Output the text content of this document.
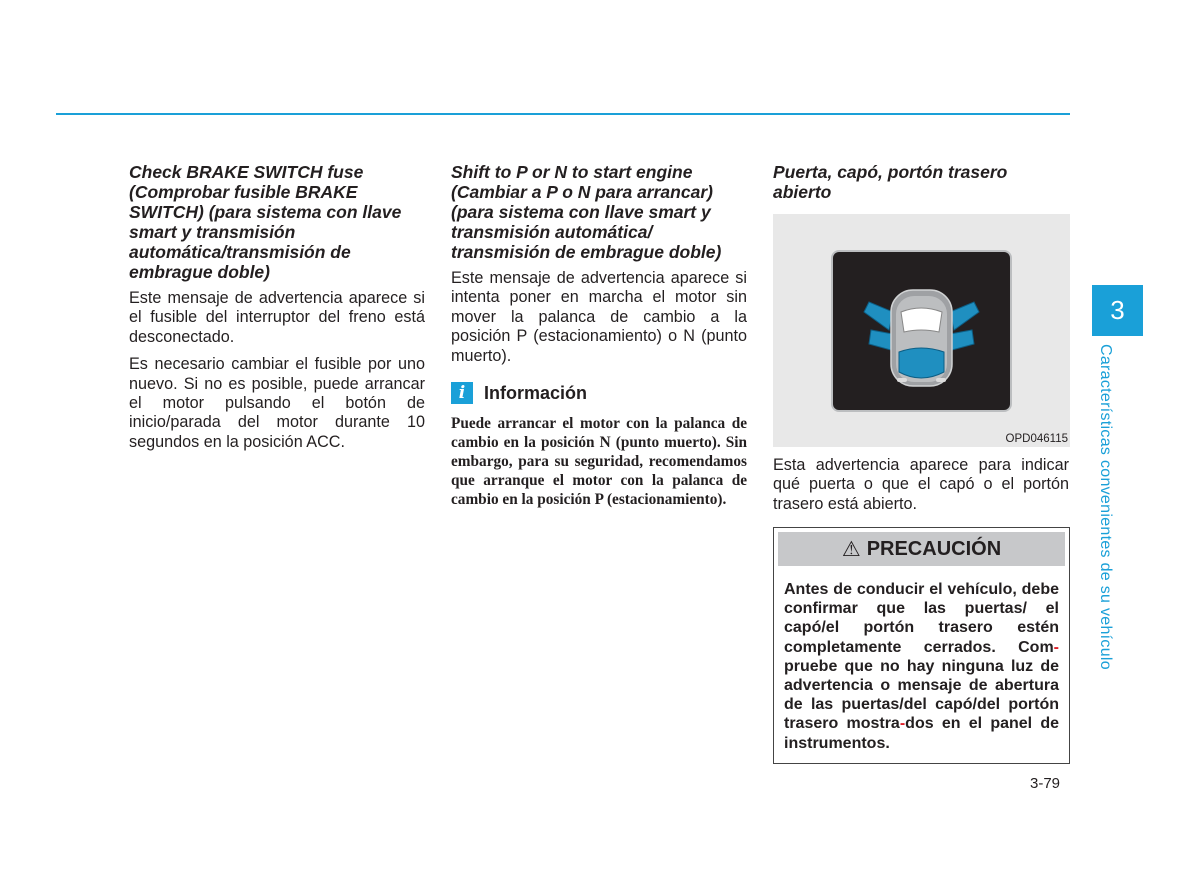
Check BRAKE SWITCH fuse (Comprobar fusible BRAKE SWITCH) (para sistema con llave smart y transmisión automática/transmisión de embrague doble)

Este mensaje de advertencia aparece si el fusible del interruptor del freno está desconectado.

Es necesario cambiar el fusible por uno nuevo. Si no es posible, puede arrancar el motor pulsando el botón de inicio/parada del motor durante 10 segundos en la posición ACC.

Shift to P or N to start engine (Cambiar a P o N para arrancar) (para sistema con llave smart y transmisión automática/ transmisión de embrague doble)

Este mensaje de advertencia aparece si intenta poner en marcha el motor sin mover la palanca de cambio a la posición P (estacionamiento) o N (punto muerto).

i	Información
Puede arrancar el motor con la palanca de cambio en la posición N (punto muerto). Sin embargo, para su seguridad, recomendamos que arranque el motor con la palanca de cambio en la posición P (estacionamiento).

Puerta, capó, portón trasero abierto

Esta advertencia aparece para indicar qué puerta o que el capó o el portón trasero está abierto.

OPD046115
⚠ PRECAUCIÓN
Antes de conducir el vehículo, debe confirmar que las puertas/ el capó/el portón trasero estén completamente cerrados. Com-pruebe que no hay ninguna luz de advertencia o mensaje de abertura de las puertas/del capó/del portón trasero mostra-dos en el panel de instrumentos.
3
Características convenientes de su vehículo
3-79
